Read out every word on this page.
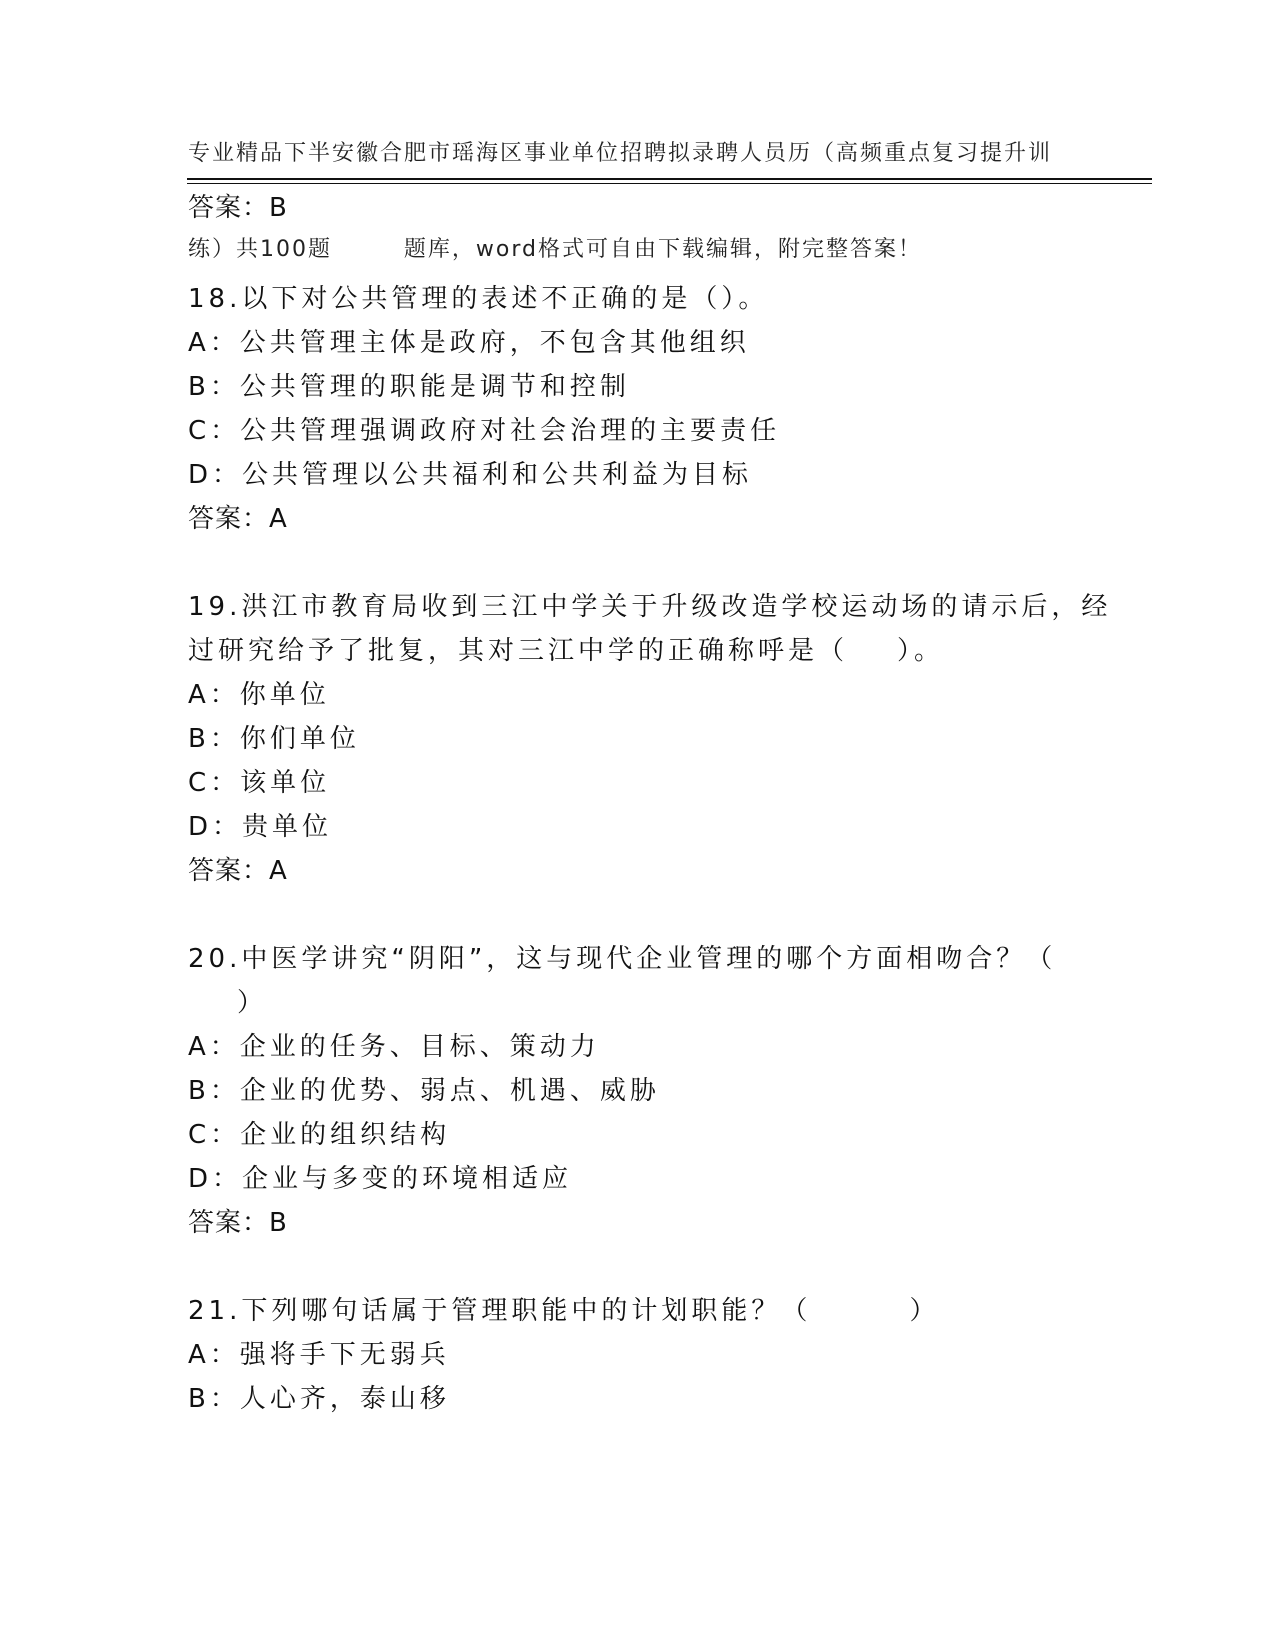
专业精品下半安徽合肥市瑶海区事业单位招聘拟录聘人员历（高频重点复习提升训

练）共100题        题库，word格式可自由下载编辑，附完整答案！

答案：B
18.以下对公共管理的表述不正确的是（）。
A：公共管理主体是政府，不包含其他组织
B：公共管理的职能是调节和控制
C：公共管理强调政府对社会治理的主要责任
D：公共管理以公共福利和公共利益为目标
答案：A
19.洪江市教育局收到三江中学关于升级改造学校运动场的请示后，经
过研究给予了批复，其对三江中学的正确称呼是（    ）。
A：你单位
B：你们单位
C：该单位
D：贵单位
答案：A
20.中医学讲究“阴阳”，这与现代企业管理的哪个方面相吻合？（
）
A：企业的任务、目标、策动力
B：企业的优势、弱点、机遇、威胁
C：企业的组织结构
D：企业与多变的环境相适应
答案：B
21.下列哪句话属于管理职能中的计划职能？（        ）
A：强将手下无弱兵
B：人心齐，泰山移
